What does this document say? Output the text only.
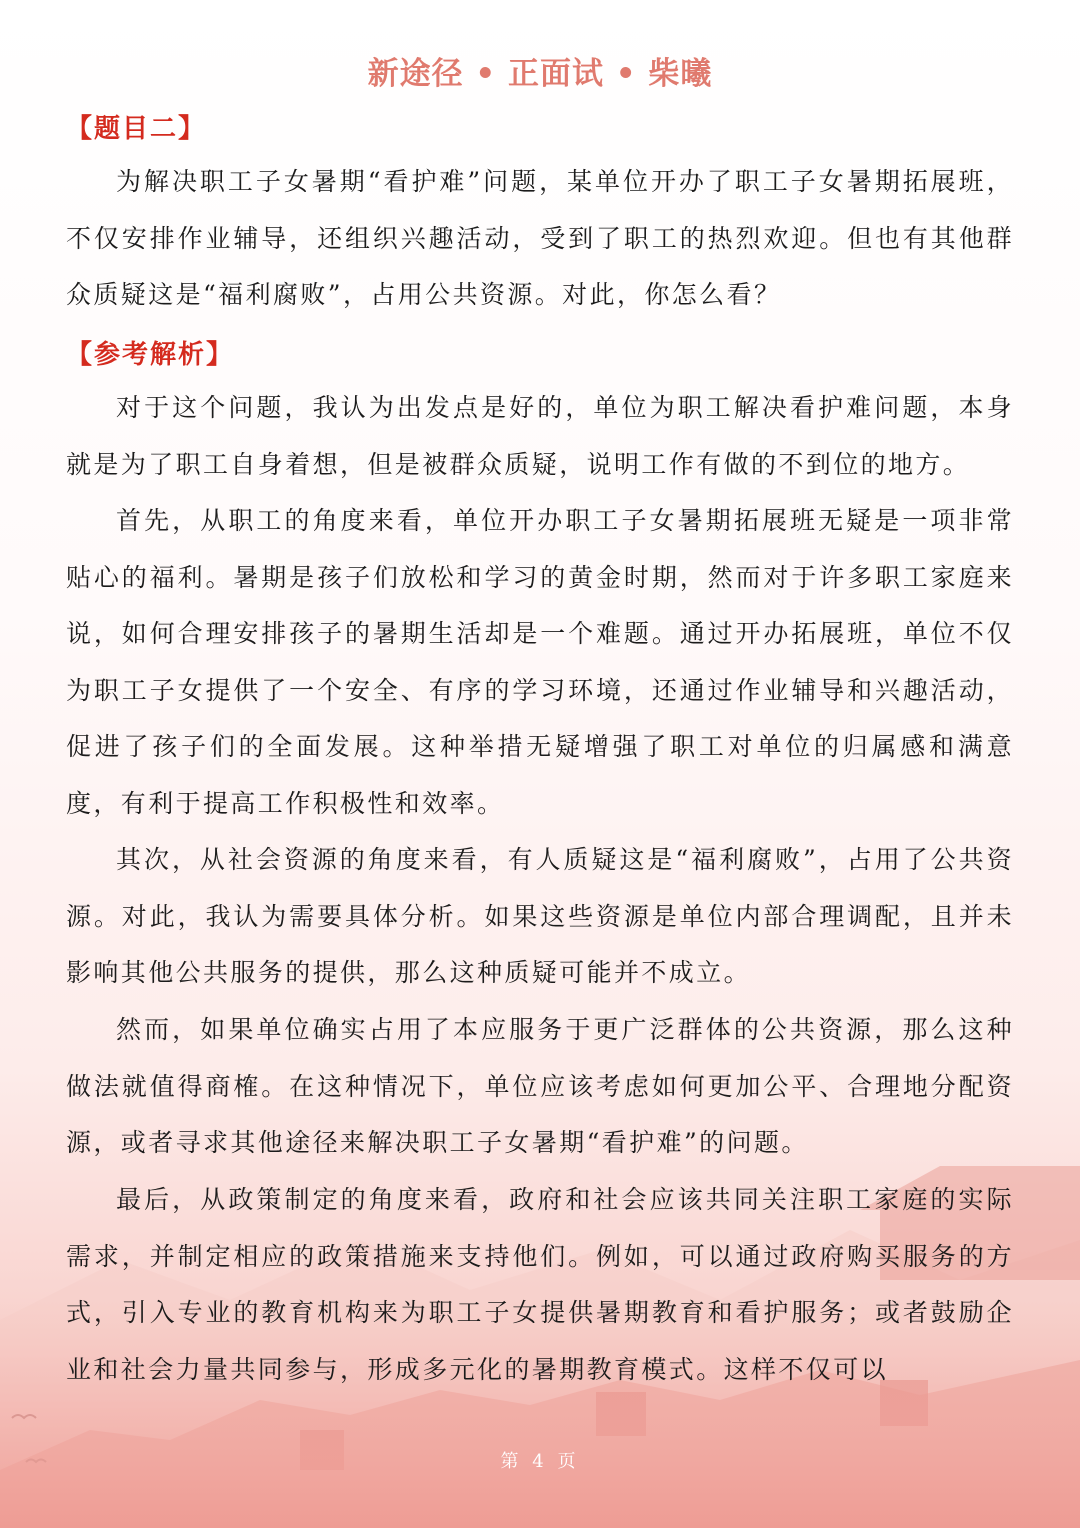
新途径 • 正面试 • 柴曦
【题目二】

为解决职工子女暑期“看护难”问题，某单位开办了职工子女暑期拓展班，不仅安排作业辅导，还组织兴趣活动，受到了职工的热烈欢迎。但也有其他群众质疑这是“福利腐败”，占用公共资源。对此，你怎么看？

【参考解析】

对于这个问题，我认为出发点是好的，单位为职工解决看护难问题，本身就是为了职工自身着想，但是被群众质疑，说明工作有做的不到位的地方。

首先，从职工的角度来看，单位开办职工子女暑期拓展班无疑是一项非常贴心的福利。暑期是孩子们放松和学习的黄金时期，然而对于许多职工家庭来说，如何合理安排孩子的暑期生活却是一个难题。通过开办拓展班，单位不仅为职工子女提供了一个安全、有序的学习环境，还通过作业辅导和兴趣活动，促进了孩子们的全面发展。这种举措无疑增强了职工对单位的归属感和满意度，有利于提高工作积极性和效率。

其次，从社会资源的角度来看，有人质疑这是“福利腐败”，占用了公共资源。对此，我认为需要具体分析。如果这些资源是单位内部合理调配，且并未影响其他公共服务的提供，那么这种质疑可能并不成立。

然而，如果单位确实占用了本应服务于更广泛群体的公共资源，那么这种做法就值得商榷。在这种情况下，单位应该考虑如何更加公平、合理地分配资源，或者寻求其他途径来解决职工子女暑期“看护难”的问题。

最后，从政策制定的角度来看，政府和社会应该共同关注职工家庭的实际需求，并制定相应的政策措施来支持他们。例如，可以通过政府购买服务的方式，引入专业的教育机构来为职工子女提供暑期教育和看护服务；或者鼓励企业和社会力量共同参与，形成多元化的暑期教育模式。这样不仅可以

第 4 页
